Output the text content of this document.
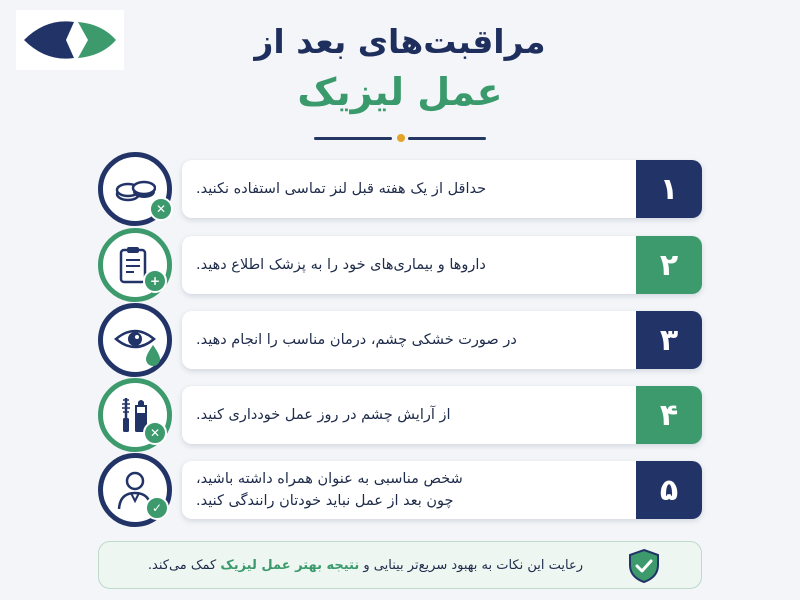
مراقبت‌های بعد از
عمل لیزیک
حداقل از یک هفته قبل لنز تماسی استفاده نکنید.	۱
✕
داروها و بیماری‌های خود را به پزشک اطلاع دهید.	۲
+
در صورت خشکی چشم، درمان مناسب را انجام دهید.	۳
از آرایش چشم در روز عمل خودداری کنید.	۴
✕
شخص مناسبی به عنوان همراه داشته باشید،
چون بعد از عمل نباید خودتان رانندگی کنید.	۵
✓
رعایت این نکات به بهبود سریع‌تر بینایی و

نتیجه بهتر عمل لیزیک

کمک می‌کند.
